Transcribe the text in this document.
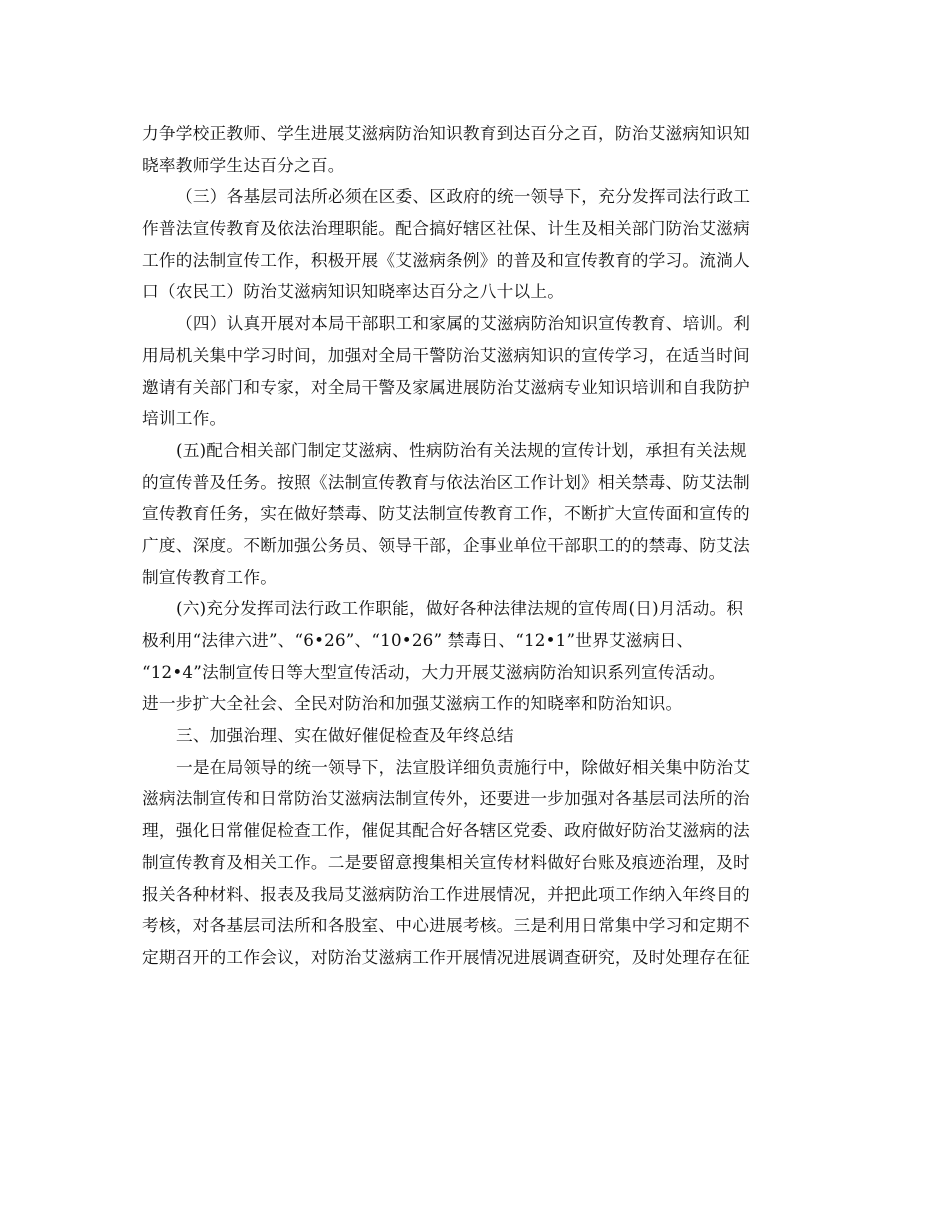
力争学校正教师、学生进展艾滋病防治知识教育到达百分之百，防治艾滋病知识知
晓率教师学生达百分之百。
（三）各基层司法所必须在区委、区政府的统一领导下，充分发挥司法行政工
作普法宣传教育及依法治理职能。配合搞好辖区社保、计生及相关部门防治艾滋病
工作的法制宣传工作，积极开展《艾滋病条例》的普及和宣传教育的学习。流淌人
口（农民工）防治艾滋病知识知晓率达百分之八十以上。
（四）认真开展对本局干部职工和家属的艾滋病防治知识宣传教育、培训。利
用局机关集中学习时间，加强对全局干警防治艾滋病知识的宣传学习，在适当时间
邀请有关部门和专家，对全局干警及家属进展防治艾滋病专业知识培训和自我防护
培训工作。
(五)配合相关部门制定艾滋病、性病防治有关法规的宣传计划，承担有关法规
的宣传普及任务。按照《法制宣传教育与依法治区工作计划》相关禁毒、防艾法制
宣传教育任务，实在做好禁毒、防艾法制宣传教育工作，不断扩大宣传面和宣传的
广度、深度。不断加强公务员、领导干部，企事业单位干部职工的的禁毒、防艾法
制宣传教育工作。
(六)充分发挥司法行政工作职能，做好各种法律法规的宣传周(日)月活动。积
极利用“法律六进”、“6•26”、“10•26” 禁毒日、“12•1”世界艾滋病日、
“12•4”法制宣传日等大型宣传活动，大力开展艾滋病防治知识系列宣传活动。
进一步扩大全社会、全民对防治和加强艾滋病工作的知晓率和防治知识。
三、加强治理、实在做好催促检查及年终总结
一是在局领导的统一领导下，法宣股详细负责施行中，除做好相关集中防治艾
滋病法制宣传和日常防治艾滋病法制宣传外，还要进一步加强对各基层司法所的治
理，强化日常催促检查工作，催促其配合好各辖区党委、政府做好防治艾滋病的法
制宣传教育及相关工作。二是要留意搜集相关宣传材料做好台账及痕迹治理，及时
报关各种材料、报表及我局艾滋病防治工作进展情况，并把此项工作纳入年终目的
考核，对各基层司法所和各股室、中心进展考核。三是利用日常集中学习和定期不
定期召开的工作会议，对防治艾滋病工作开展情况进展调查研究，及时处理存在征
